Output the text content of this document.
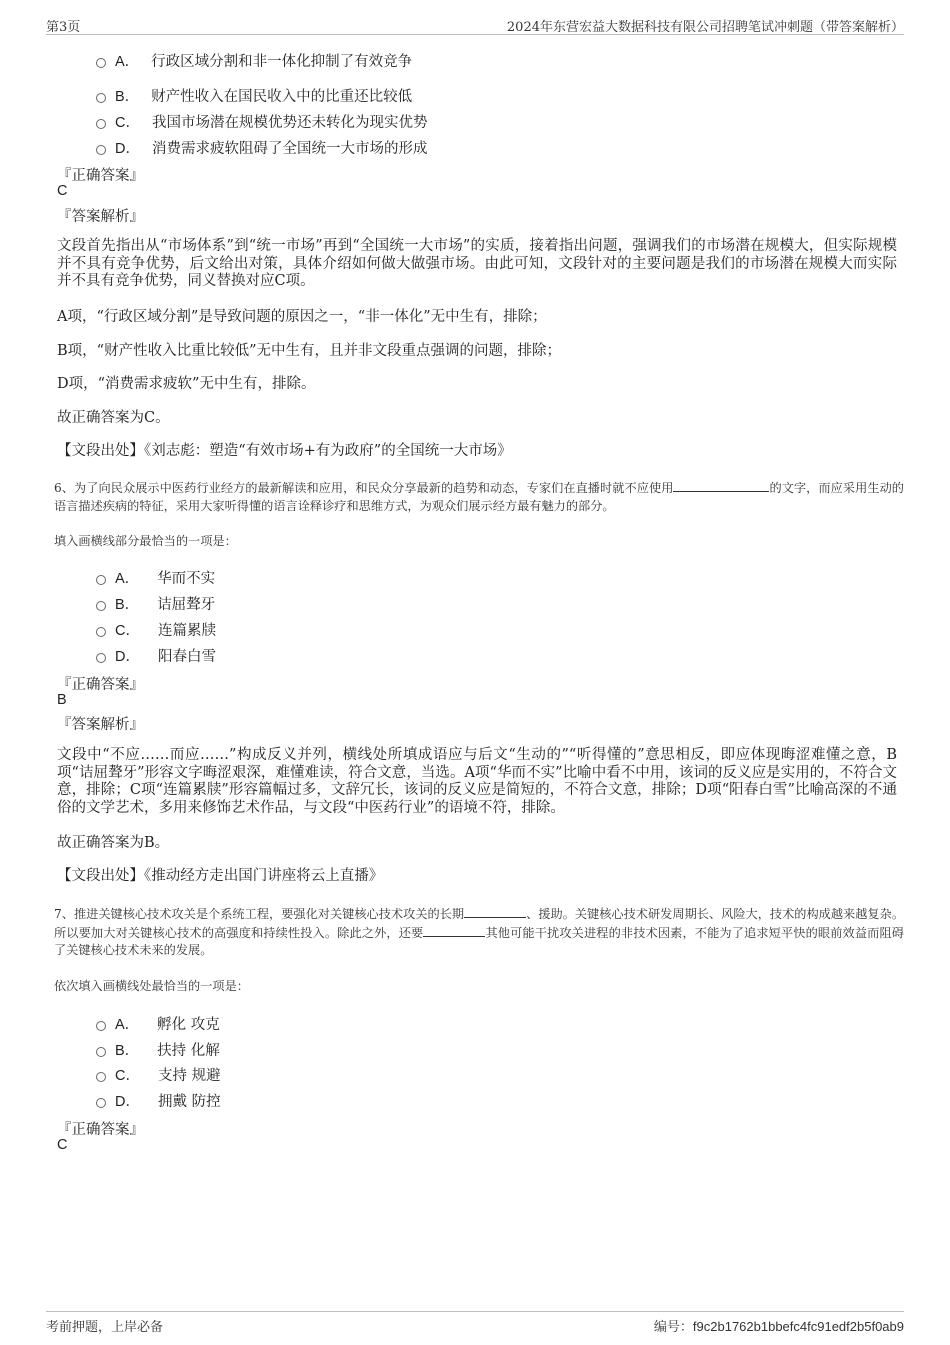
第3页	2024年东营宏益大数据科技有限公司招聘笔试冲刺题（带答案解析）
A． 行政区域分割和非一体化抑制了有效竞争
B． 财产性收入在国民收入中的比重还比较低
C． 我国市场潜在规模优势还未转化为现实优势
D． 消费需求疲软阻碍了全国统一大市场的形成
『正确答案』
C
『答案解析』
文段首先指出从“市场体系”到“统一市场”再到“全国统一大市场”的实质，接着指出问题，强调我们的市场潜在规模大，但实际规模并不具有竞争优势，后文给出对策，具体介绍如何做大做强市场。由此可知，文段针对的主要问题是我们的市场潜在规模大而实际并不具有竞争优势，同义替换对应C项。
A项，“行政区域分割”是导致问题的原因之一，“非一体化”无中生有，排除；
B项，“财产性收入比重比较低”无中生有，且并非文段重点强调的问题，排除；
D项，“消费需求疲软”无中生有，排除。
故正确答案为C。
【文段出处】《刘志彪：塑造“有效市场+有为政府”的全国统一大市场》
6、为了向民众展示中医药行业经方的最新解读和应用，和民众分享最新的趋势和动态，专家们在直播时就不应使用	的文字，而应采用生动的语言描述疾病的特征，采用大家听得懂的语言诠释诊疗和思维方式，为观众们展示经方最有魅力的部分。
填入画横线部分最恰当的一项是：
A． 华而不实
B． 诘屈聱牙
C． 连篇累牍
D． 阳春白雪
『正确答案』
B
『答案解析』
文段中“不应……而应……”构成反义并列，横线处所填成语应与后文“生动的”“听得懂的”意思相反，即应体现晦涩难懂之意，B项“诘屈聱牙”形容文字晦涩艰深，难懂难读，符合文意，当选。A项“华而不实”比喻中看不中用，该词的反义应是实用的，不符合文意，排除；C项“连篇累牍”形容篇幅过多，文辞冗长，该词的反义应是简短的，不符合文意，排除；D项“阳春白雪”比喻高深的不通俗的文学艺术，多用来修饰艺术作品，与文段“中医药行业”的语境不符，排除。
故正确答案为B。
【文段出处】《推动经方走出国门讲座将云上直播》
7、推进关键核心技术攻关是个系统工程，要强化对关键核心技术攻关的长期	、援助。关键核心技术研发周期长、风险大，技术的构成越来越复杂。所以要加大对关键核心技术的高强度和持续性投入。除此之外，还要	其他可能干扰攻关进程的非技术因素，不能为了追求短平快的眼前效益而阻碍了关键核心技术未来的发展。
依次填入画横线处最恰当的一项是：
A． 孵化 攻克
B． 扶持 化解
C． 支持 规避
D． 拥戴 防控
『正确答案』
C
考前押题，上岸必备	编号：f9c2b1762b1bbefc4fc91edf2b5f0ab9
